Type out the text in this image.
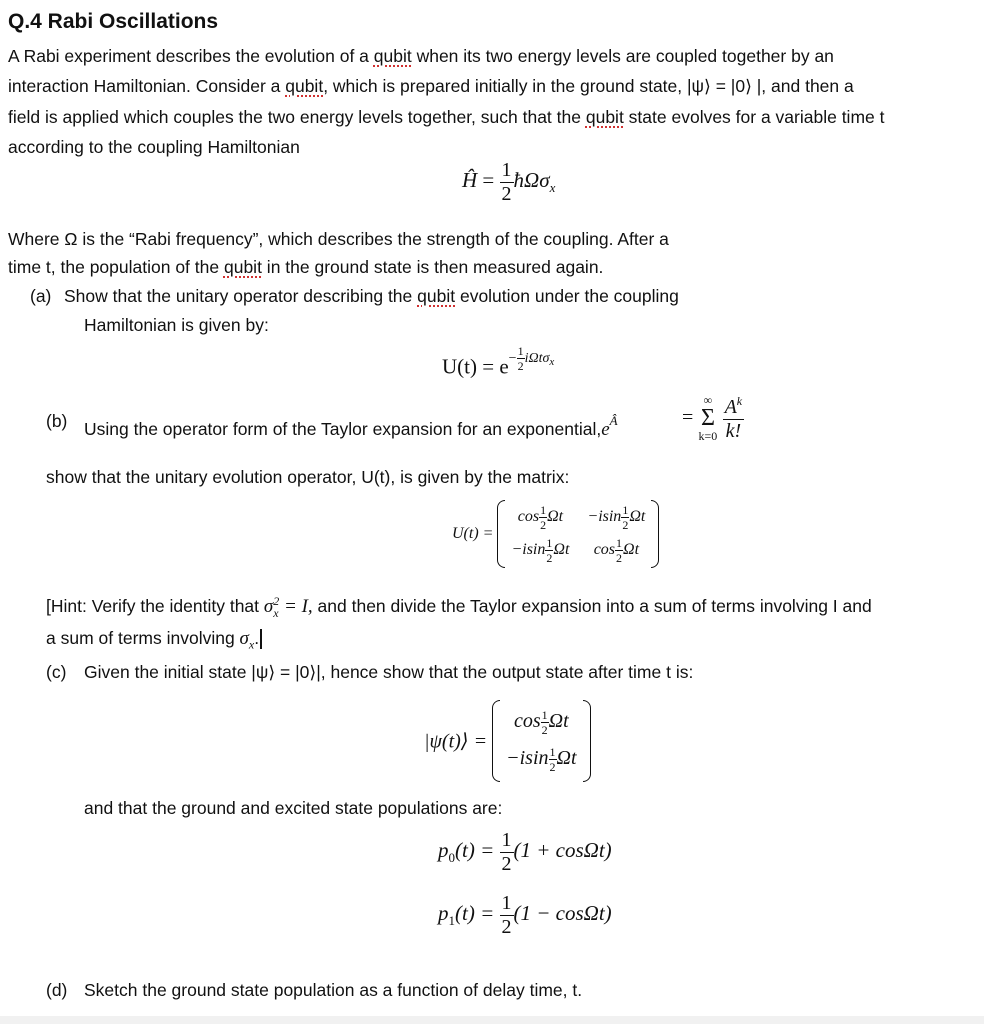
Q.4 Rabi Oscillations
A Rabi experiment describes the evolution of a qubit when its two energy levels are coupled together by an
interaction Hamiltonian. Consider a qubit, which is prepared initially in the ground state, |ψ⟩ = |0⟩ |, and then a
field is applied which couples the two energy levels together, such that the qubit state evolves for a variable time t
according to the coupling Hamiltonian
Ĥ = $\frac{1}{2}$ ħΩσ$_x$
Where Ω is the “Rabi frequency”, which describes the strength of the coupling. After a
time t, the population of the qubit in the ground state is then measured again.
(a) Show that the unitary operator describing the qubit evolution under the coupling
Hamiltonian is given by:
$U(t) = e^{- \frac{1}{2} i\Omega t\sigma_x}$
(b) Using the operator form of the Taylor expansion for an $exponential,e^Â$	=
∞
Σ
k=0
$\frac{A^k}{k!}$
show that the unitary evolution operator, U(t), is given by the matrix:
U(t) =
$\cos \frac{1}{2}$ Ωt	$-isin \frac{1}{2}$ Ωt
$-isin \frac{1}{2}$ Ωt	$\cos \frac{1}{2}$ Ωt
[Hint: Verify the identity that σ 2
x = I, and then divide the Taylor expansion into a sum of terms involving I and
a sum of terms involving $\sigma_x$.
(c) Given the initial state |ψ⟩ = |0⟩|, hence show that the output state after time t is:
|ψ(t)⟩ =
$\cos \frac{1}{2}$ Ωt
$-isin \frac{1}{2}$ Ωt
and that the ground and excited state populations are:
$p_0(t) = \frac{1}{2} (1 + \cos\Omega t)$
$p_1(t) = \frac{1}{2} (1 - \cos\Omega t)$
(d) Sketch the ground state population as a function of delay time, t.
